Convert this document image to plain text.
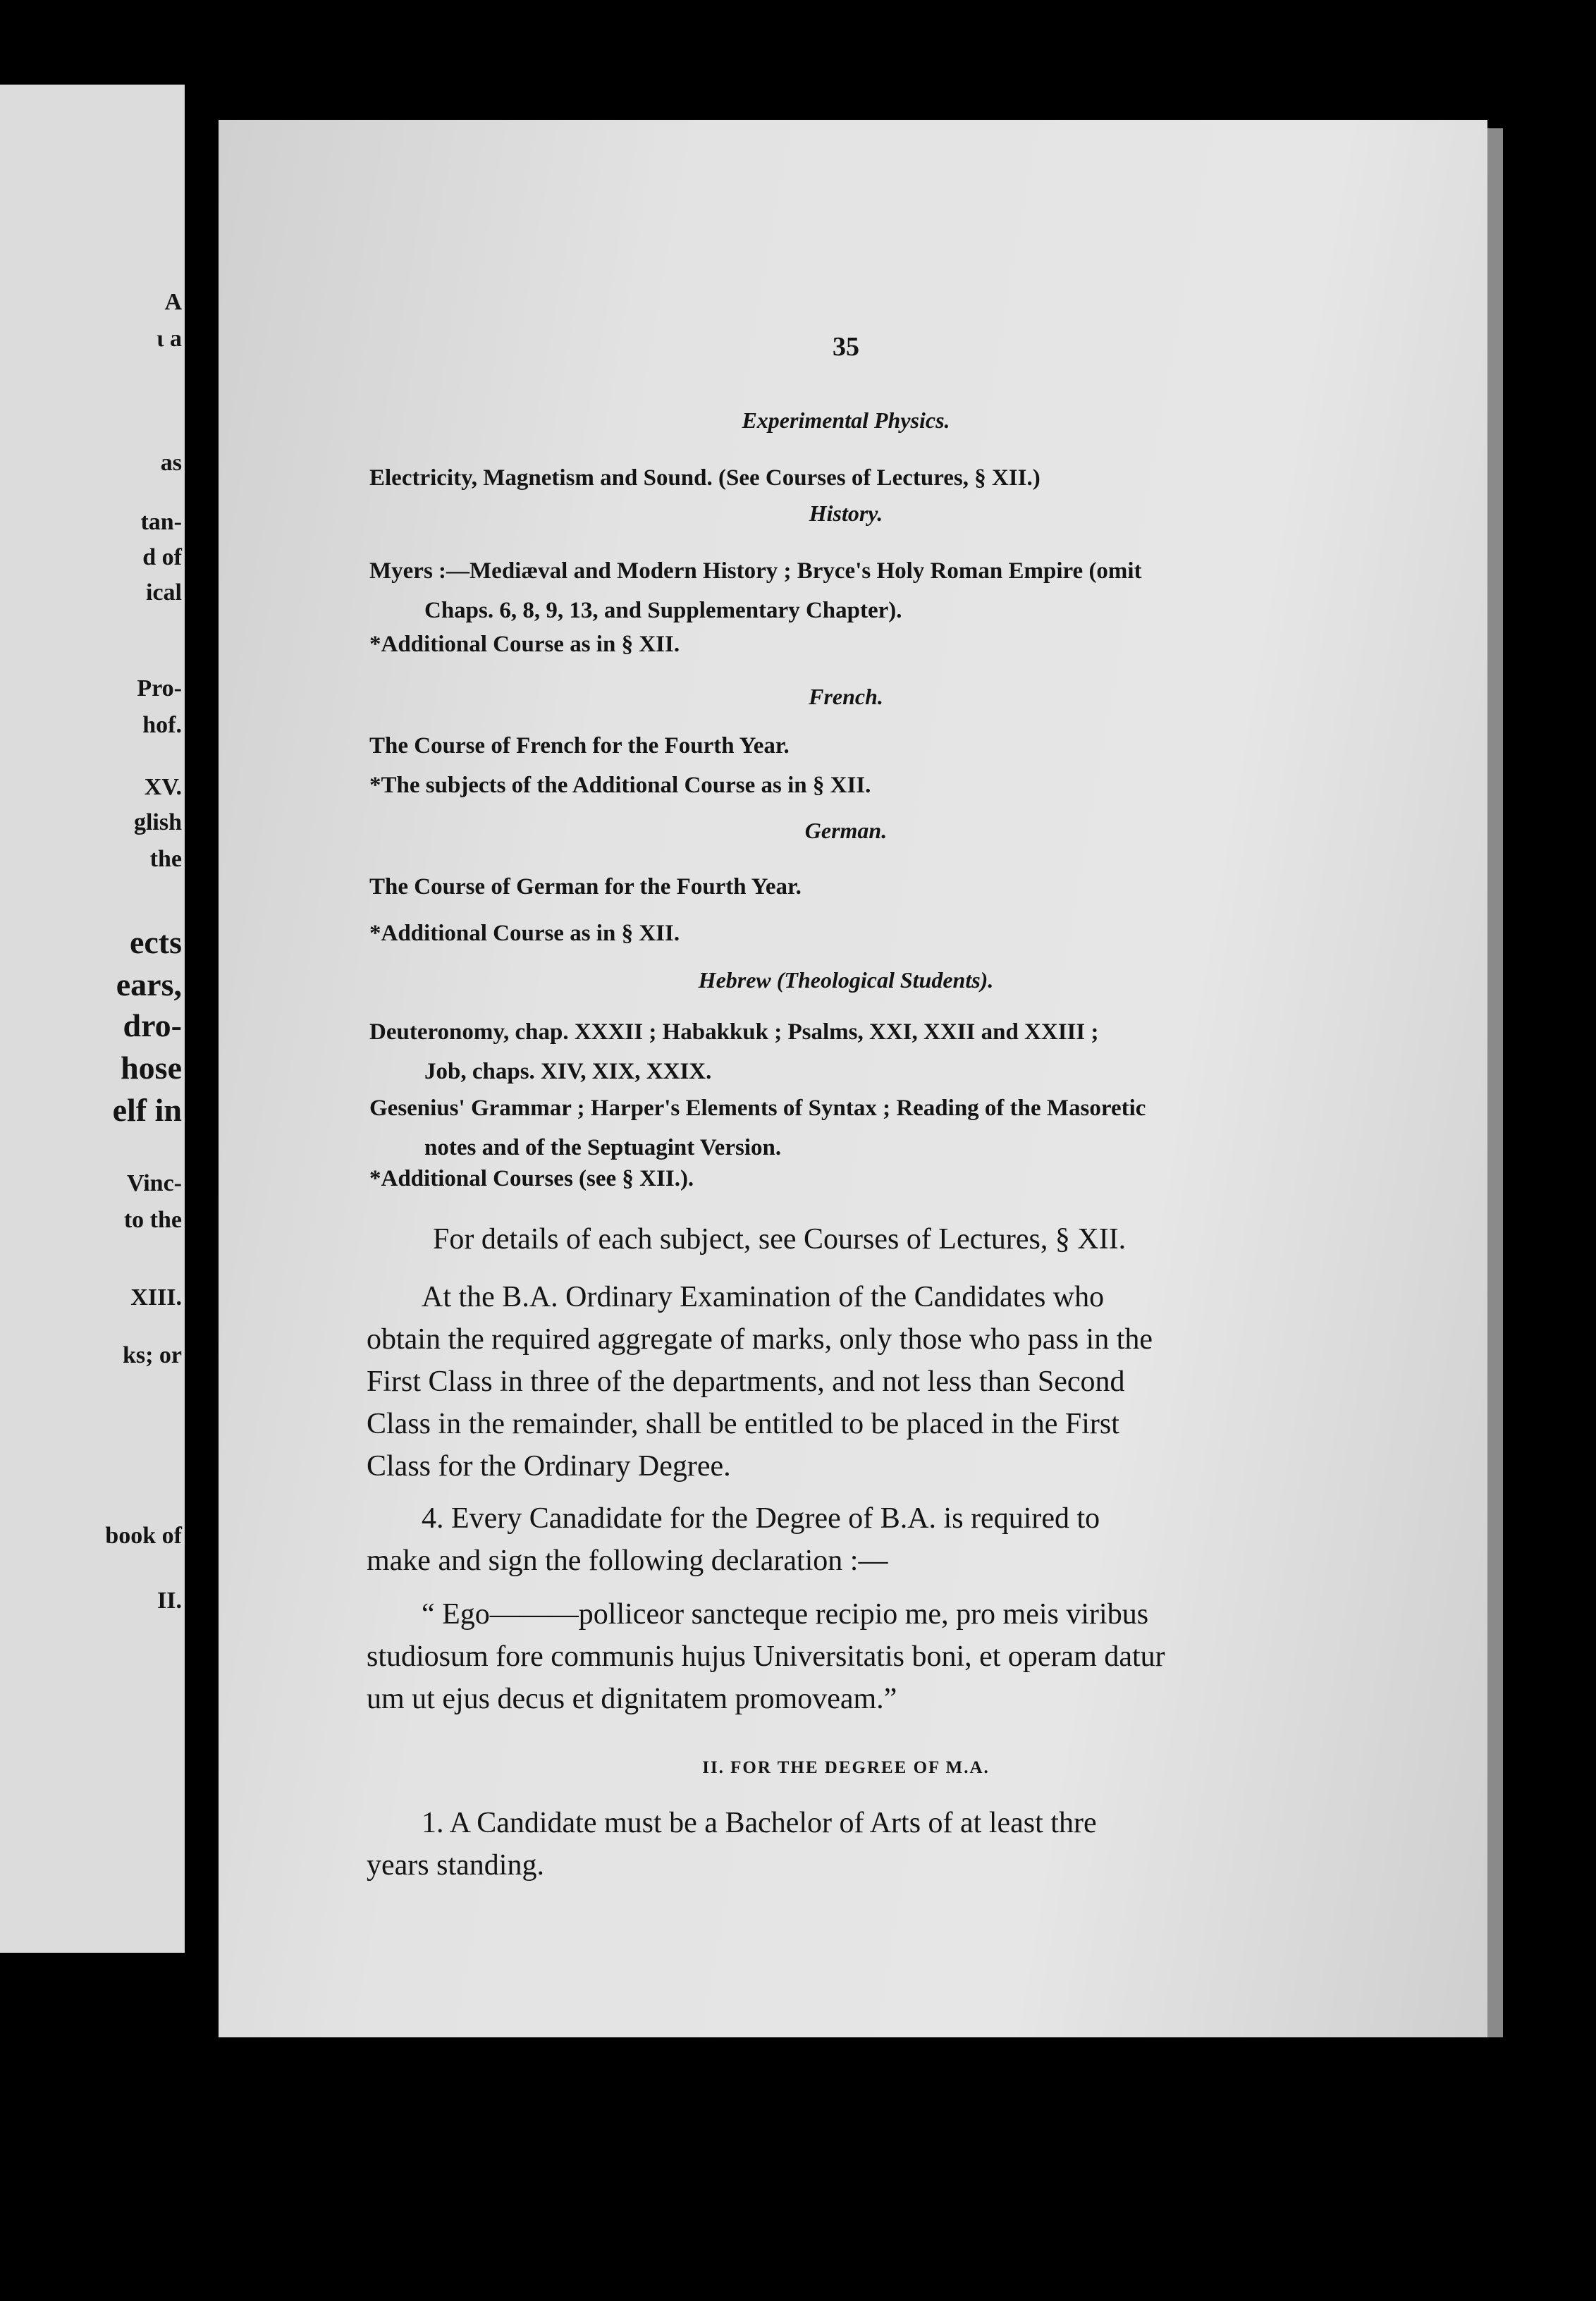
A
ι a
as
tan-
d of
ical
Pro-
hof.
XV.
glish
the
ects
ears,
dro-
hose
elf in
Vinc-
to the
XIII.
ks; or
book of
II.
35
Experimental Physics.
Electricity, Magnetism and Sound. (See Courses of Lectures, § XII.)
History.
Myers :—Mediæval and Modern History ; Bryce's Holy Roman Empire (omit
Chaps. 6, 8, 9, 13, and Supplementary Chapter).
*Additional Course as in § XII.
French.
The Course of French for the Fourth Year.
*The subjects of the Additional Course as in § XII.
German.
The Course of German for the Fourth Year.
*Additional Course as in § XII.
Hebrew (Theological Students).
Deuteronomy, chap. XXXII ; Habakkuk ; Psalms, XXI, XXII and XXIII ;
Job, chaps. XIV, XIX, XXIX.
Gesenius' Grammar ; Harper's Elements of Syntax ; Reading of the Masoretic
notes and of the Septuagint Version.
*Additional Courses (see § XII.).
For details of each subject, see Courses of Lectures, § XII.
At the B.A. Ordinary Examination of the Candidates who
obtain the required aggregate of marks, only those who pass in the
First Class in three of the departments, and not less than Second
Class in the remainder, shall be entitled to be placed in the First
Class for the Ordinary Degree.
4. Every Canadidate for the Degree of B.A. is required to
make and sign the following declaration :—
“ Ego———polliceor sancteque recipio me, pro meis viribus
studiosum fore communis hujus Universitatis boni, et operam datur
um ut ejus decus et dignitatem promoveam.”
II. FOR THE DEGREE OF M.A.
1. A Candidate must be a Bachelor of Arts of at least thre
years standing.
